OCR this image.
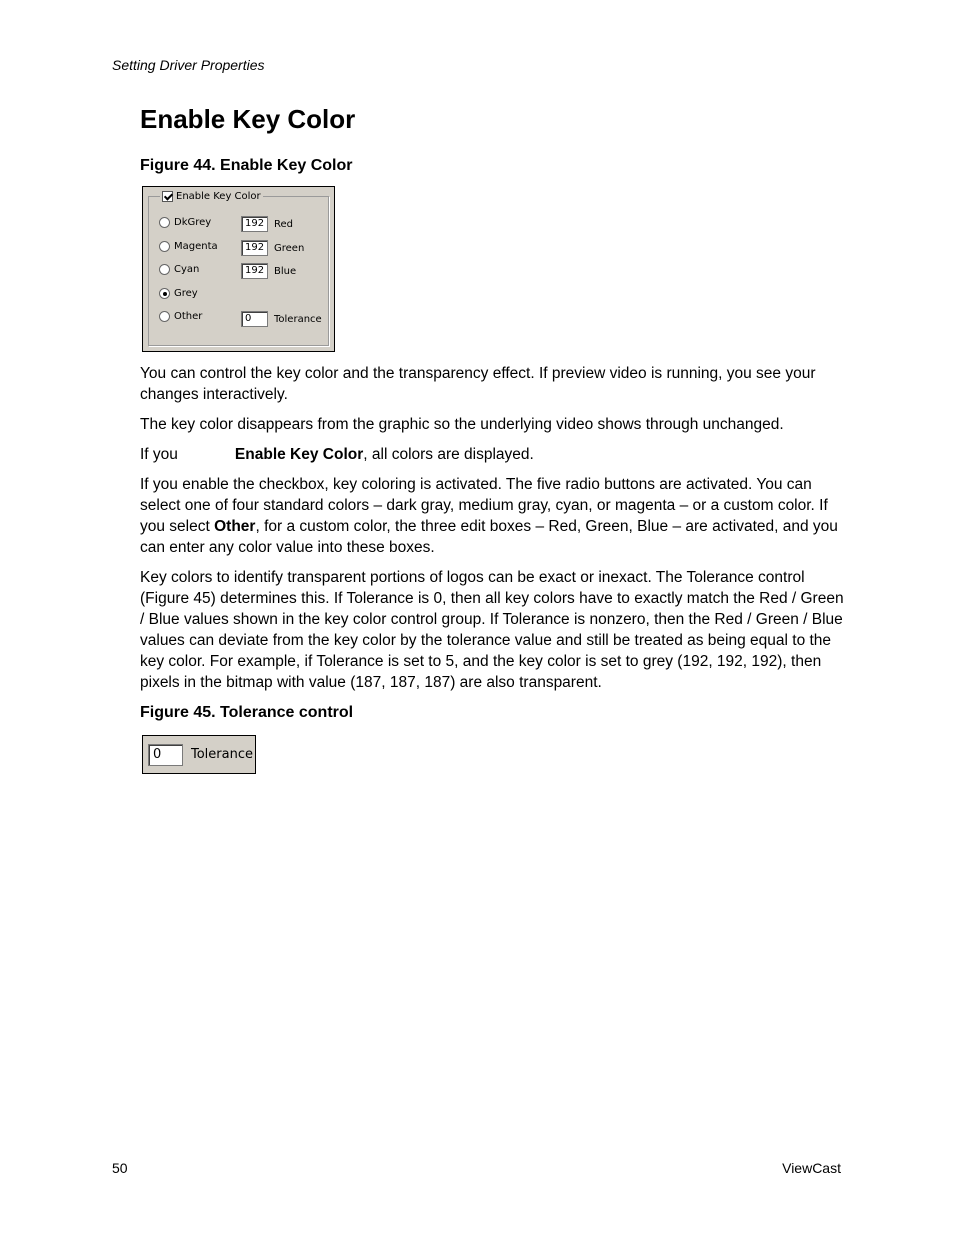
Setting Driver Properties
Enable Key Color
Figure 44. Enable Key Color
Enable Key Color
DkGrey
Magenta
Cyan
Grey
Other
192 Red
192 Green
192 Blue
0	Tolerance

You can control the key color and the transparency effect. If preview video is running, you see your changes interactively.

The key color disappears from the graphic so the underlying video shows through unchanged.

If you	Enable Key Color, all colors are displayed.

If you enable the checkbox, key coloring is activated. The five radio buttons are activated. You can select one of four standard colors – dark gray, medium gray, cyan, or magenta – or a custom color. If you select Other, for a custom color, the three edit boxes – Red, Green, Blue – are activated, and you can enter any color value into these boxes.

Key colors to identify transparent portions of logos can be exact or inexact. The Tolerance control (Figure 45) determines this. If Tolerance is 0, then all key colors have to exactly match the Red / Green / Blue values shown in the key color control group. If Tolerance is nonzero, then the Red / Green / Blue values can deviate from the key color by the tolerance value and still be treated as being equal to the key color. For example, if Tolerance is set to 5, and the key color is set to grey (192, 192, 192), then pixels in the bitmap with value (187, 187, 187) are also transparent.

Figure 45. Tolerance control
0	Tolerance
50	ViewCast
